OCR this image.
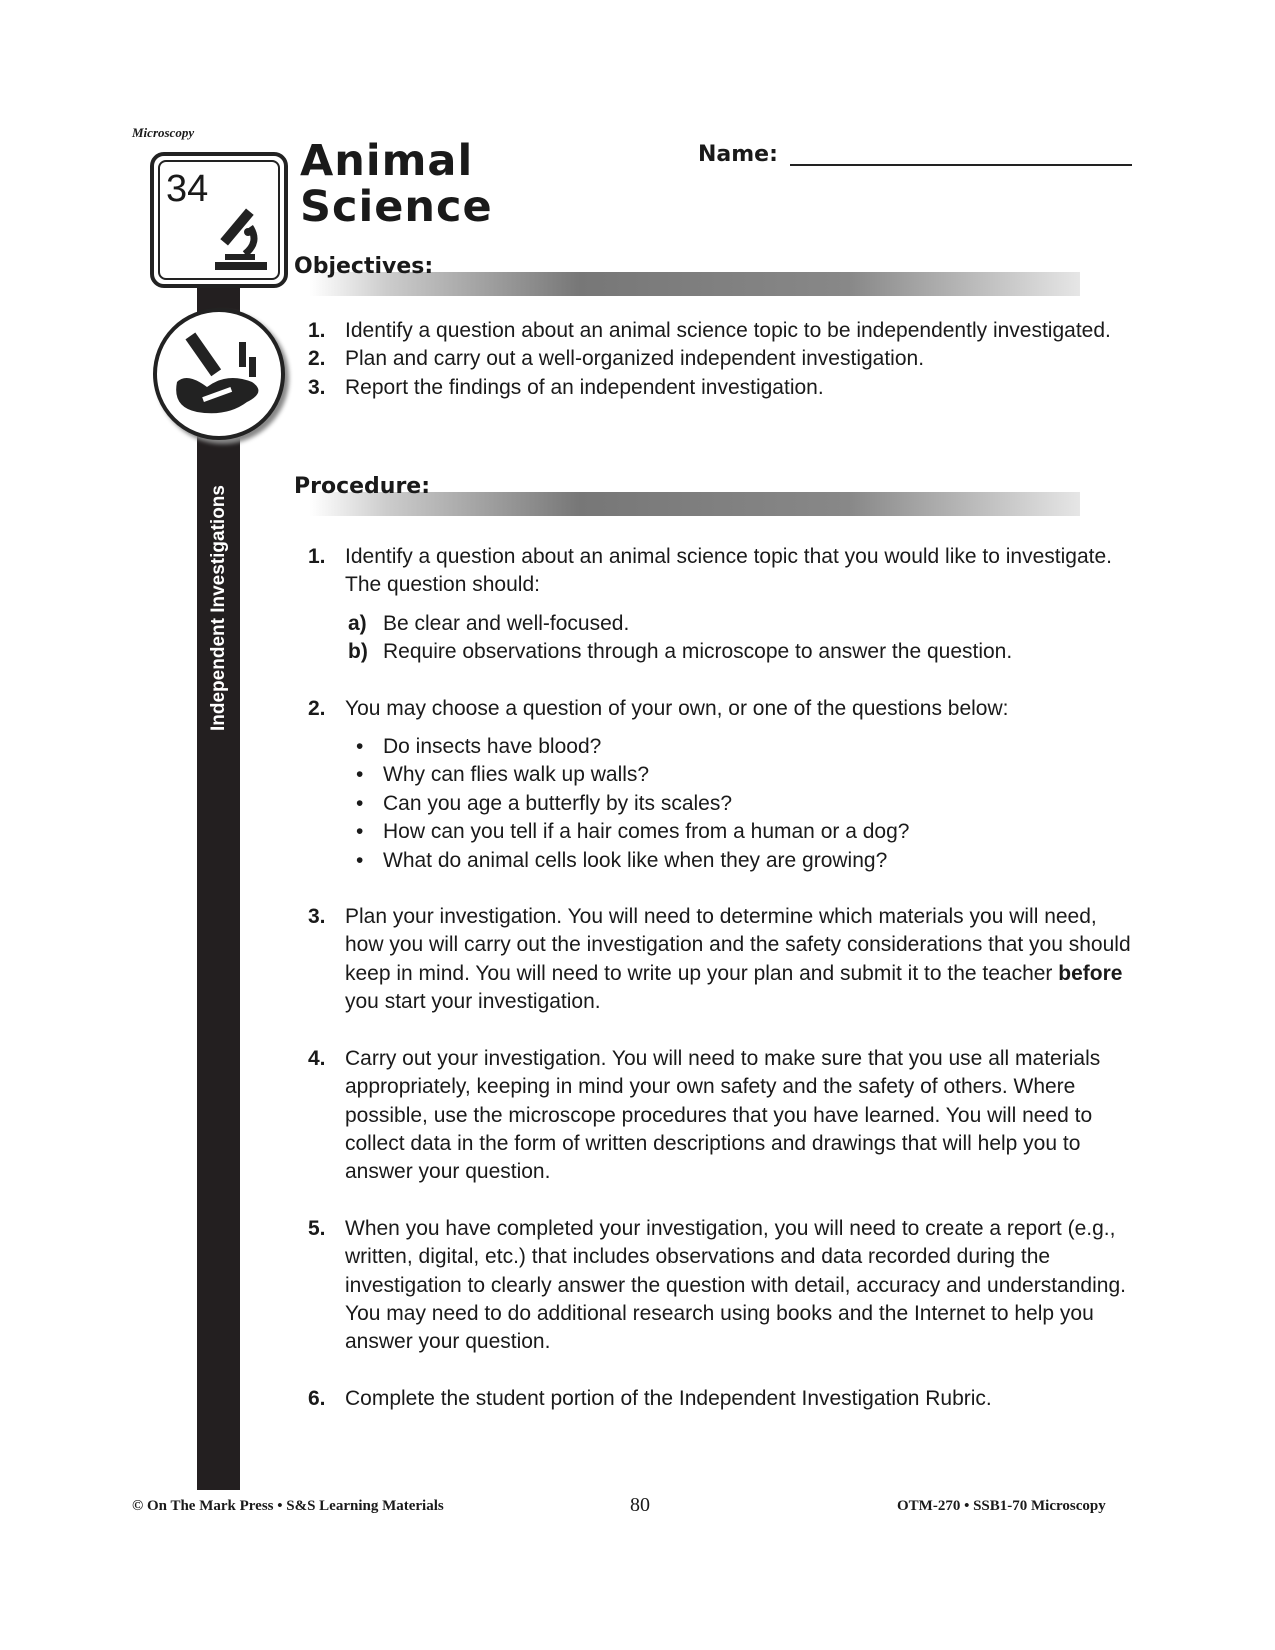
Microscopy
Independent Investigations
34
Animal
Science
Name:
Objectives:
1. Identify a question about an animal science topic to be independently investigated.
2. Plan and carry out a well-organized independent investigation.
3. Report the findings of an independent investigation.
Procedure:
1. Identify a question about an animal science topic that you would like to investigate. The question should:
a) Be clear and well-focused.
b) Require observations through a microscope to answer the question.
2. You may choose a question of your own, or one of the questions below:
• Do insects have blood?
• Why can flies walk up walls?
• Can you age a butterfly by its scales?
• How can you tell if a hair comes from a human or a dog?
• What do animal cells look like when they are growing?
3. Plan your investigation. You will need to determine which materials you will need, how you will carry out the investigation and the safety considerations that you should keep in mind. You will need to write up your plan and submit it to the teacher before you start your investigation.
4. Carry out your investigation. You will need to make sure that you use all materials appropriately, keeping in mind your own safety and the safety of others. Where possible, use the microscope procedures that you have learned. You will need to collect data in the form of written descriptions and drawings that will help you to answer your question.
5. When you have completed your investigation, you will need to create a report (e.g., written, digital, etc.) that includes observations and data recorded during the investigation to clearly answer the question with detail, accuracy and understanding. You may need to do additional research using books and the Internet to help you answer your question.
6. Complete the student portion of the Independent Investigation Rubric.
© On The Mark Press • S&S Learning Materials	80	OTM-270 • SSB1-70 Microscopy
